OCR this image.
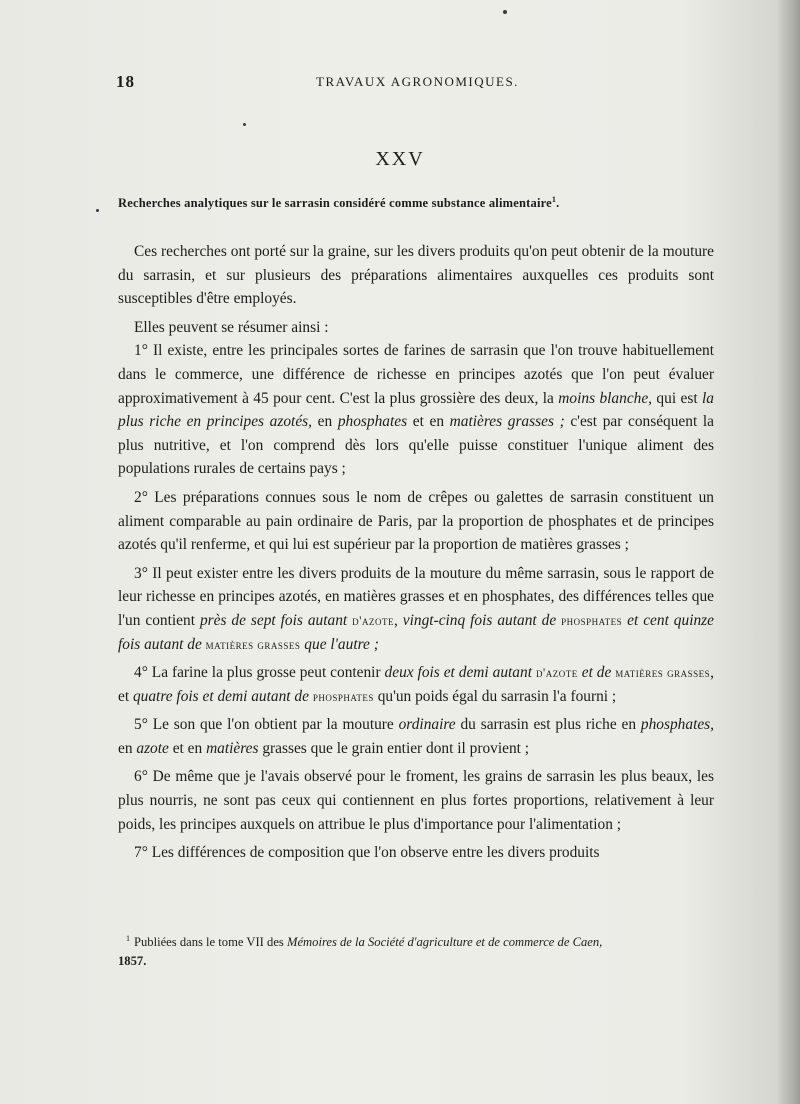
18	TRAVAUX AGRONOMIQUES.
XXV
Recherches analytiques sur le sarrasin considéré comme substance alimentaire$^1$.

Ces recherches ont porté sur la graine, sur les divers produits qu'on peut obtenir de la mouture du sarrasin, et sur plusieurs des préparations alimentaires auxquelles ces produits sont susceptibles d'être employés.

Elles peuvent se résumer ainsi :

1° Il existe, entre les principales sortes de farines de sarrasin que l'on trouve habituellement dans le commerce, une différence de richesse en principes azotés que l'on peut évaluer approximativement à 45 pour cent. C'est la plus grossière des deux, la moins blanche, qui est la plus riche en principes azotés, en phosphates et en matières grasses ; c'est par conséquent la plus nutritive, et l'on comprend dès lors qu'elle puisse constituer l'unique aliment des populations rurales de certains pays ;

2° Les préparations connues sous le nom de crêpes ou galettes de sarrasin constituent un aliment comparable au pain ordinaire de Paris, par la proportion de phosphates et de principes azotés qu'il renferme, et qui lui est supérieur par la proportion de matières grasses ;

3° Il peut exister entre les divers produits de la mouture du même sarrasin, sous le rapport de leur richesse en principes azotés, en matières grasses et en phosphates, des différences telles que l'un contient près de sept fois autant d'azote, vingt-cinq fois autant de phosphates et cent quinze fois autant de matières grasses que l'autre ;

4° La farine la plus grosse peut contenir deux fois et demi autant d'azote et de matières grasses, et quatre fois et demi autant de phosphates qu'un poids égal du sarrasin l'a fourni ;

5° Le son que l'on obtient par la mouture ordinaire du sarrasin est plus riche en phosphates, en azote et en matières grasses que le grain entier dont il provient ;

6° De même que je l'avais observé pour le froment, les grains de sarrasin les plus beaux, les plus nourris, ne sont pas ceux qui contiennent en plus fortes proportions, relativement à leur poids, les principes auxquels on attribue le plus d'importance pour l'alimentation ;

7° Les différences de composition que l'on observe entre les divers produits

$^1$ Publiées dans le tome VII des Mémoires de la Société d'agriculture et de commerce de Caen,
1857.
